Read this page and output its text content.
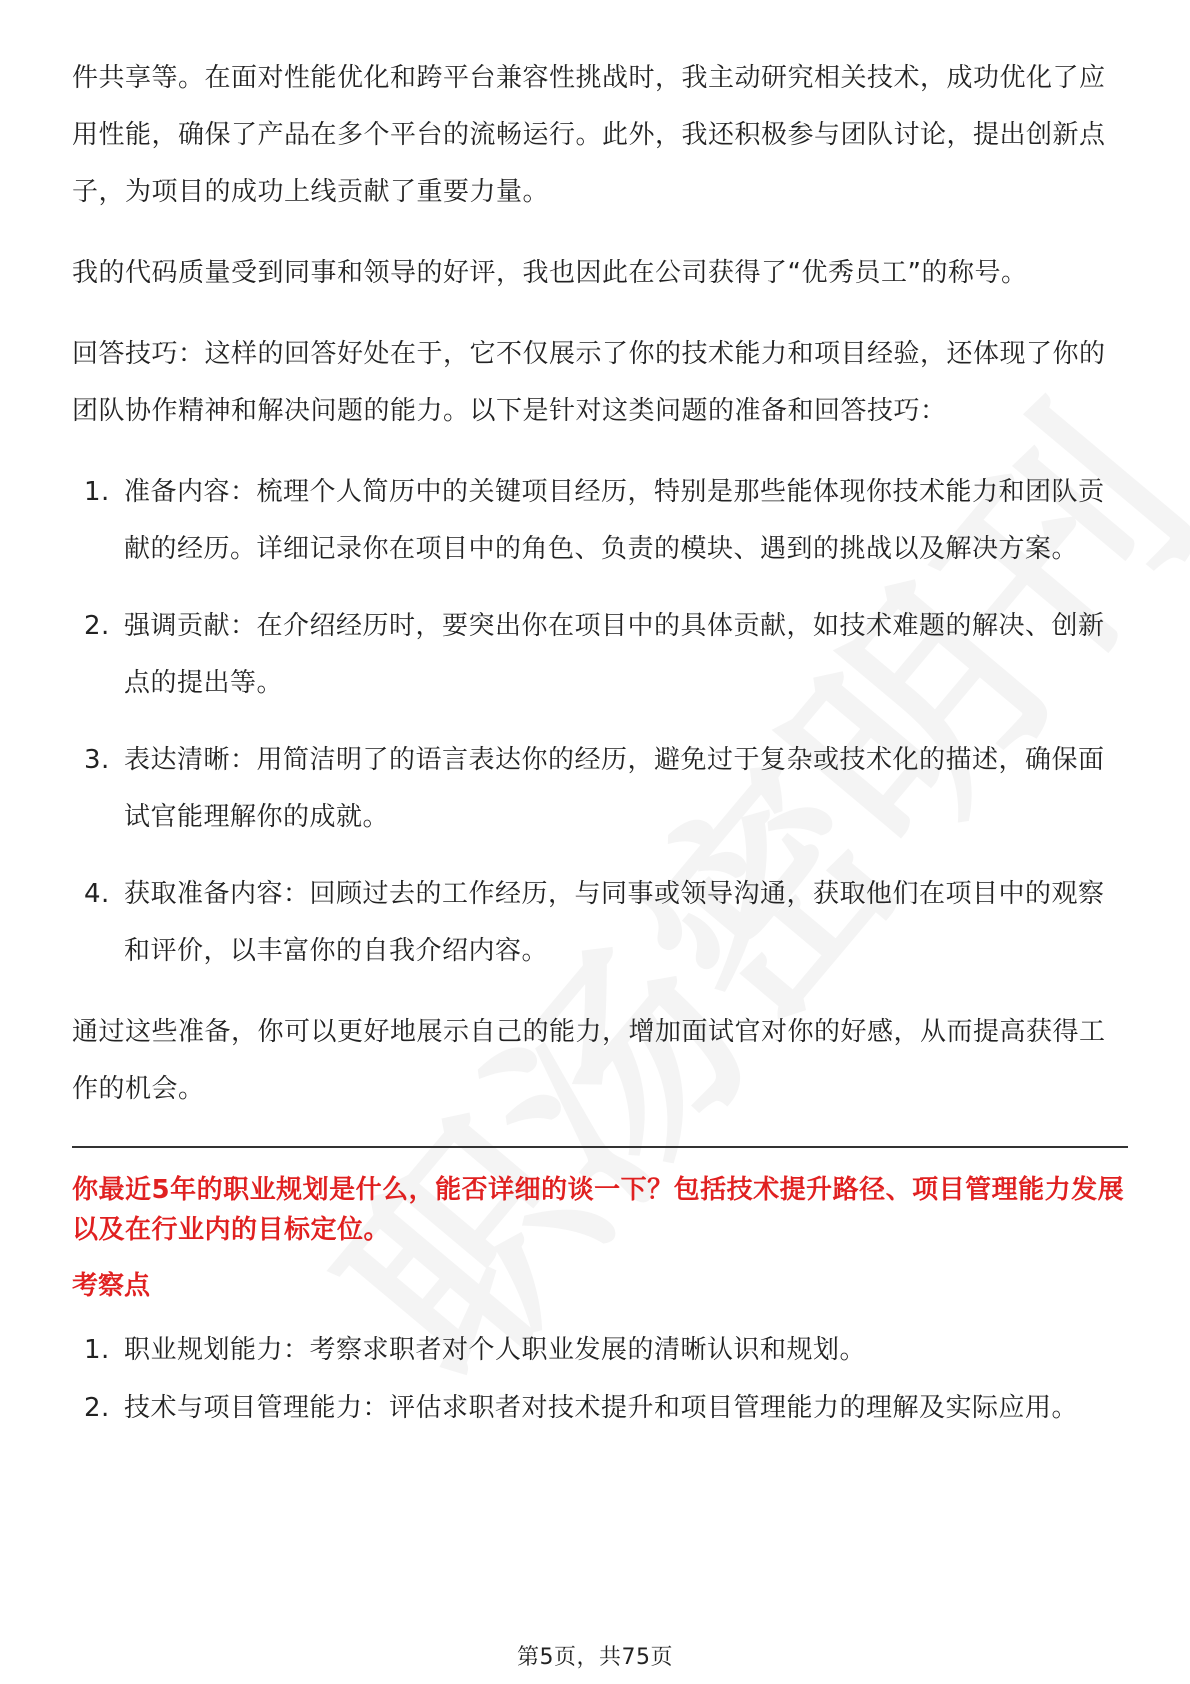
件共享等。在面对性能优化和跨平台兼容性挑战时，我主动研究相关技术，成功优化了应用性能，确保了产品在多个平台的流畅运行。此外，我还积极参与团队讨论，提出创新点子，为项目的成功上线贡献了重要力量。

我的代码质量受到同事和领导的好评，我也因此在公司获得了“优秀员工”的称号。

回答技巧：这样的回答好处在于，它不仅展示了你的技术能力和项目经验，还体现了你的团队协作精神和解决问题的能力。以下是针对这类问题的准备和回答技巧：

1. 准备内容：梳理个人简历中的关键项目经历，特别是那些能体现你技术能力和团队贡献的经历。详细记录你在项目中的角色、负责的模块、遇到的挑战以及解决方案。
2. 强调贡献：在介绍经历时，要突出你在项目中的具体贡献，如技术难题的解决、创新点的提出等。
3. 表达清晰：用简洁明了的语言表达你的经历，避免过于复杂或技术化的描述，确保面试官能理解你的成就。
4. 获取准备内容：回顾过去的工作经历，与同事或领导沟通，获取他们在项目中的观察和评价，以丰富你的自我介绍内容。

通过这些准备，你可以更好地展示自己的能力，增加面试官对你的好感，从而提高获得工作的机会。

你最近5年的职业规划是什么，能否详细的谈一下？包括技术提升路径、项目管理能力发展以及在行业内的目标定位。
考察点
1. 职业规划能力：考察求职者对个人职业发展的清晰认识和规划。
2. 技术与项目管理能力：评估求职者对技术提升和项目管理能力的理解及实际应用。
第5页，共75页
